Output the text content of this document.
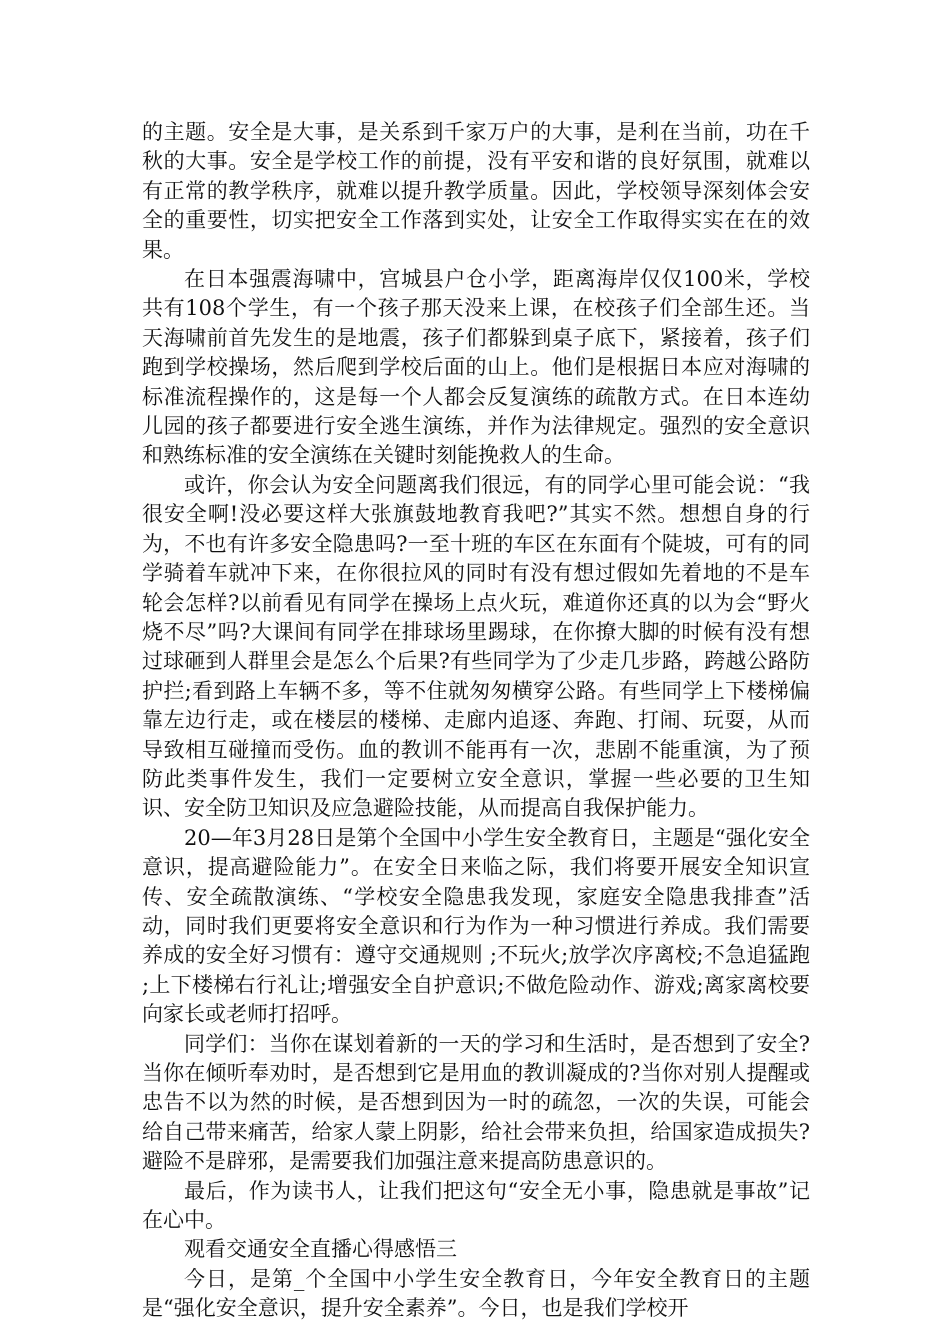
的主题。安全是大事，是关系到千家万户的大事，是利在当前，功在千秋的大事。安全是学校工作的前提，没有平安和谐的良好氛围，就难以有正常的教学秩序，就难以提升教学质量。因此，学校领导深刻体会安全的重要性，切实把安全工作落到实处，让安全工作取得实实在在的效果。

在日本强震海啸中，宫城县户仓小学，距离海岸仅仅100米，学校共有108个学生，有一个孩子那天没来上课，在校孩子们全部生还。当天海啸前首先发生的是地震，孩子们都躲到桌子底下，紧接着，孩子们跑到学校操场，然后爬到学校后面的山上。他们是根据日本应对海啸的标准流程操作的，这是每一个人都会反复演练的疏散方式。在日本连幼儿园的孩子都要进行安全逃生演练，并作为法律规定。强烈的安全意识和熟练标准的安全演练在关键时刻能挽救人的生命。

或许，你会认为安全问题离我们很远，有的同学心里可能会说：“我很安全啊!没必要这样大张旗鼓地教育我吧?”其实不然。想想自身的行为，不也有许多安全隐患吗?一至十班的车区在东面有个陡坡，可有的同学骑着车就冲下来，在你很拉风的同时有没有想过假如先着地的不是车轮会怎样?以前看见有同学在操场上点火玩，难道你还真的以为会“野火烧不尽”吗?大课间有同学在排球场里踢球，在你撩大脚的时候有没有想过球砸到人群里会是怎么个后果?有些同学为了少走几步路，跨越公路防护拦;看到路上车辆不多，等不住就匆匆横穿公路。有些同学上下楼梯偏靠左边行走，或在楼层的楼梯、走廊内追逐、奔跑、打闹、玩耍，从而导致相互碰撞而受伤。血的教训不能再有一次，悲剧不能重演，为了预防此类事件发生，我们一定要树立安全意识，掌握一些必要的卫生知识、安全防卫知识及应急避险技能，从而提高自我保护能力。

20—年3月28日是第个全国中小学生安全教育日，主题是“强化安全意识，提高避险能力”。在安全日来临之际，我们将要开展安全知识宣传、安全疏散演练、“学校安全隐患我发现，家庭安全隐患我排查”活动，同时我们更要将安全意识和行为作为一种习惯进行养成。我们需要养成的安全好习惯有：遵守交通规则 ;不玩火;放学次序离校;不急追猛跑 ;上下楼梯右行礼让;增强安全自护意识;不做危险动作、游戏;离家离校要向家长或老师打招呼。

同学们：当你在谋划着新的一天的学习和生活时，是否想到了安全?当你在倾听奉劝时，是否想到它是用血的教训凝成的?当你对别人提醒或忠告不以为然的时候，是否想到因为一时的疏忽，一次的失误，可能会给自己带来痛苦，给家人蒙上阴影，给社会带来负担，给国家造成损失?避险不是辟邪，是需要我们加强注意来提高防患意识的。

最后，作为读书人，让我们把这句“安全无小事，隐患就是事故”记在心中。

观看交通安全直播心得感悟三

今日，是第_个全国中小学生安全教育日，今年安全教育日的主题是“强化安全意识，提升安全素养”。今日，也是我们学校开
